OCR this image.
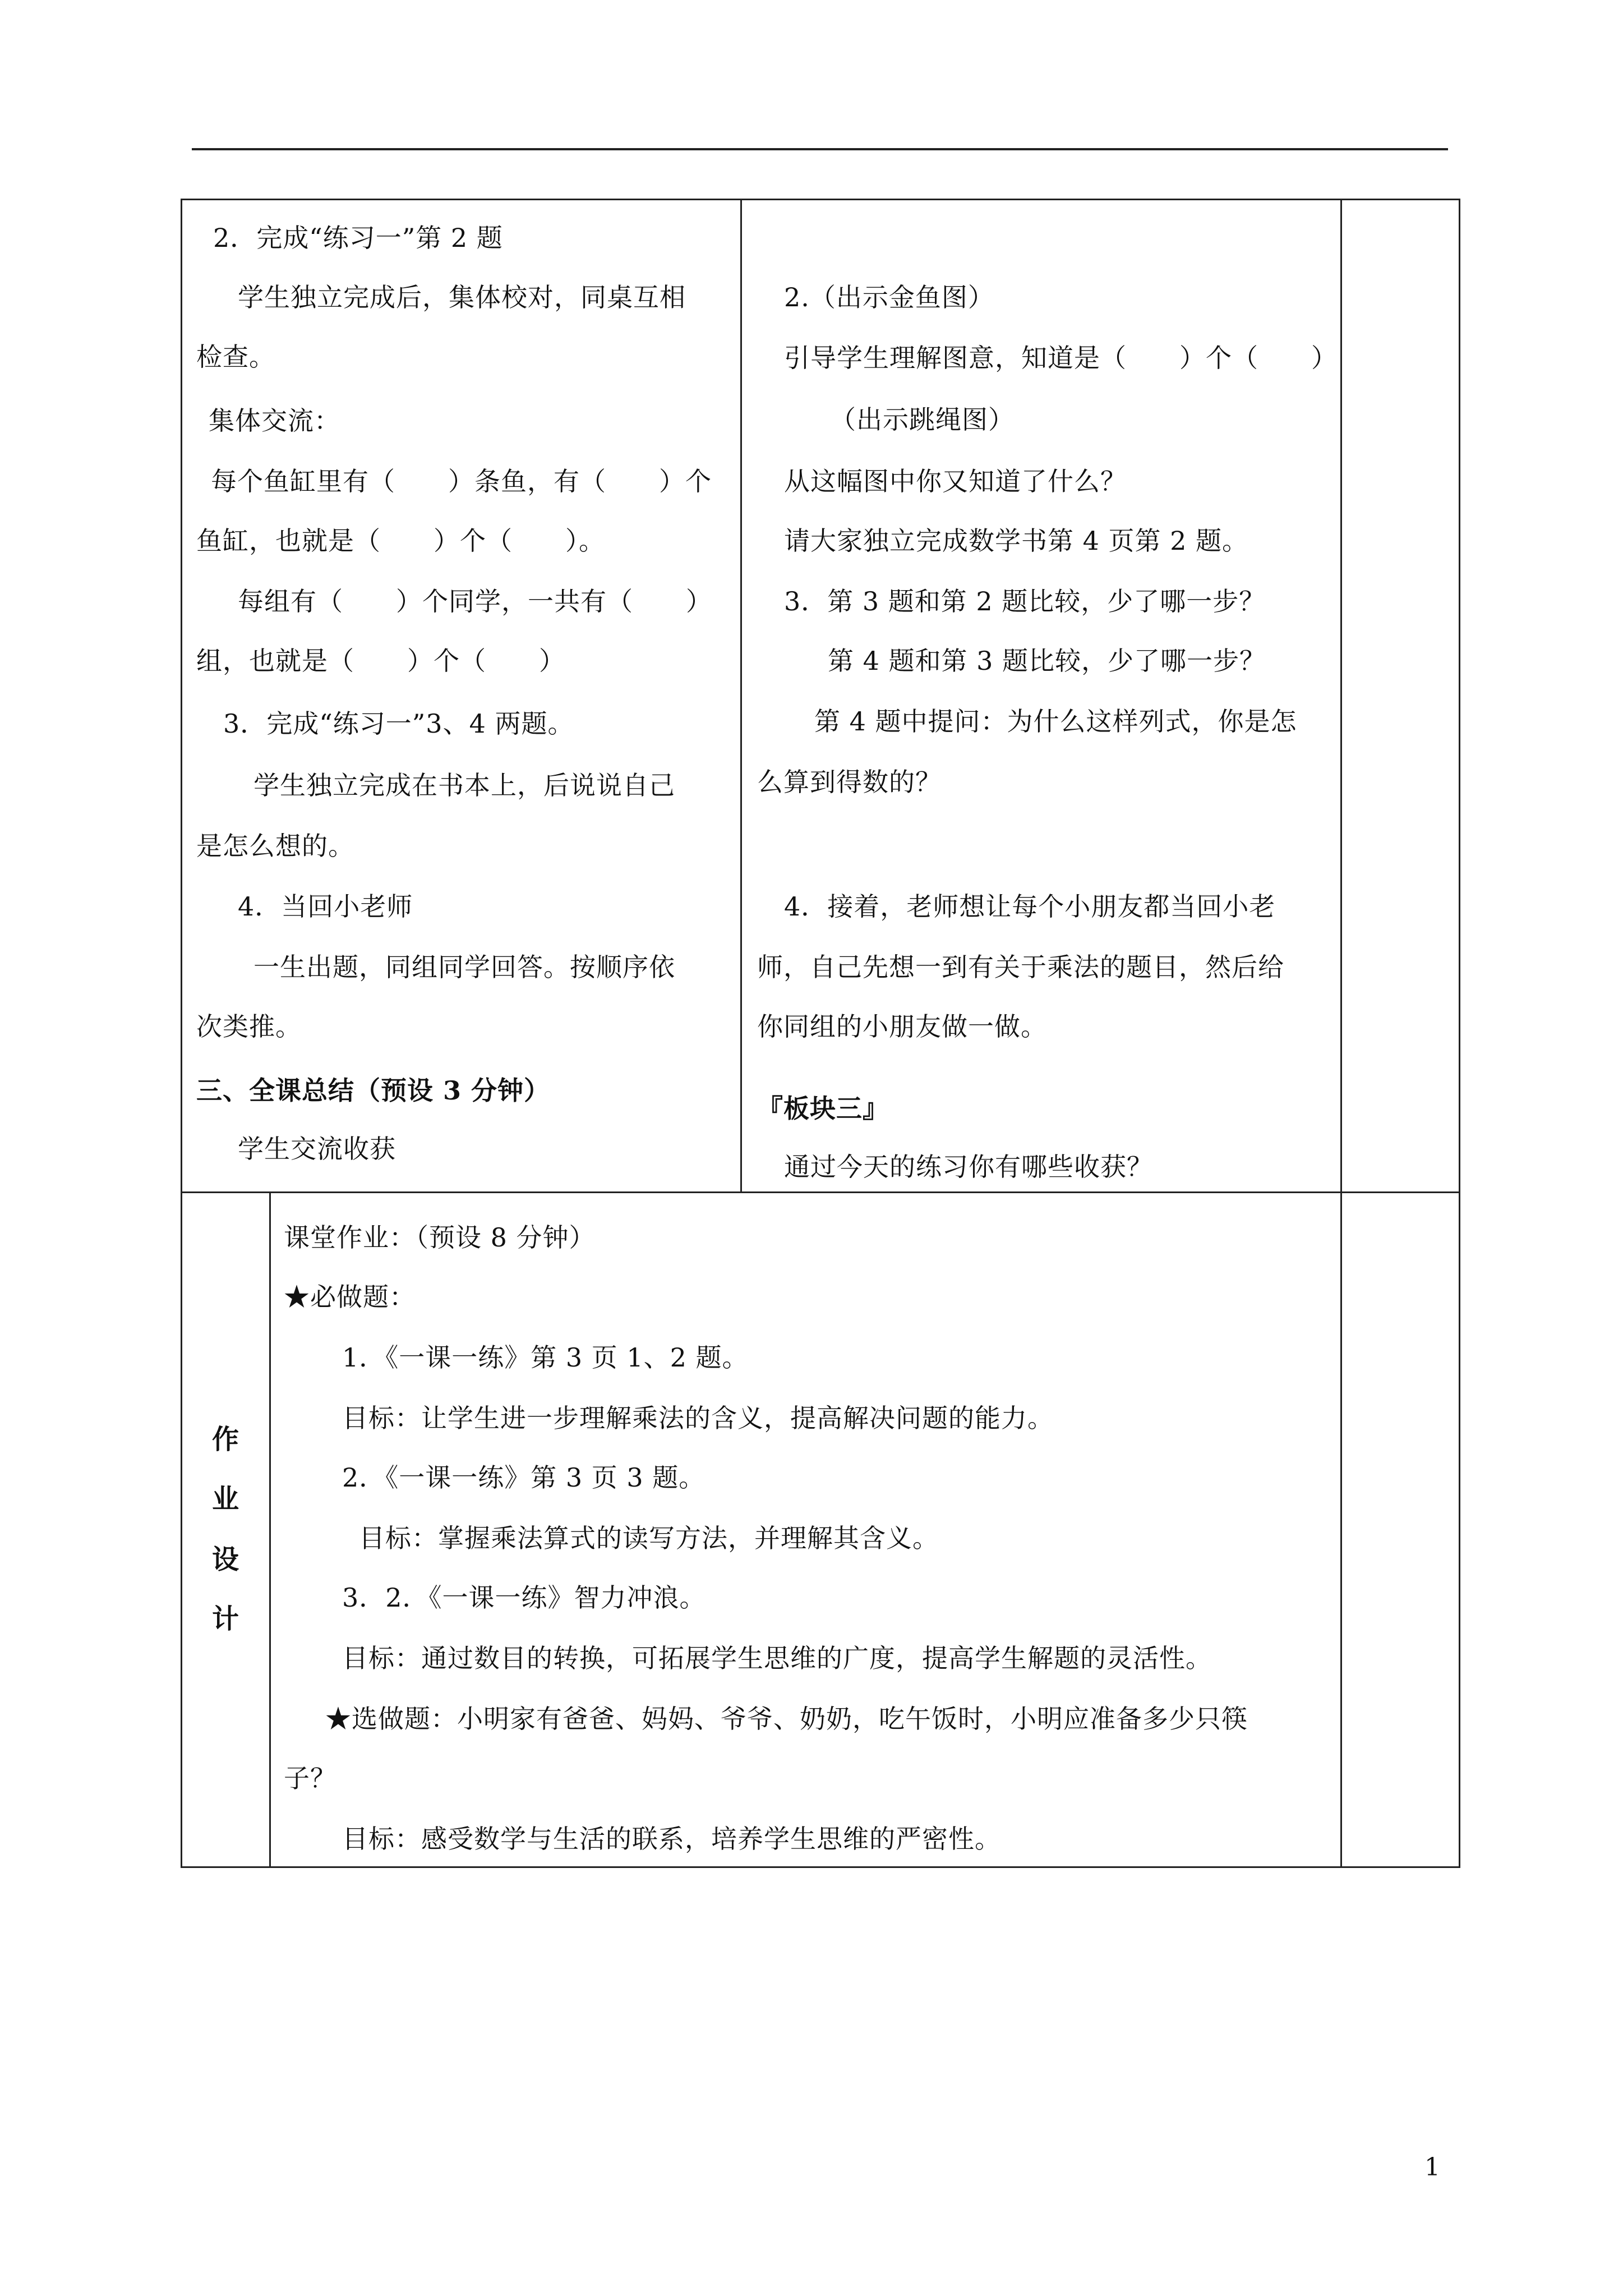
2．完成“练习一”第 2 题
学生独立完成后，集体校对，同桌互相
检查。
集体交流：
每个鱼缸里有（　　）条鱼，有（　　）个
鱼缸，也就是（　　）个（　　）。
每组有（　　）个同学，一共有（　　）
组，也就是（　　）个（　　）
3．完成“练习一”3、4 两题。
学生独立完成在书本上，后说说自己
是怎么想的。
4．当回小老师
一生出题，同组同学回答。按顺序依
次类推。
三、全课总结（预设 3 分钟）
学生交流收获
2.（出示金鱼图）
引导学生理解图意，知道是（　　）个（　　）
（出示跳绳图）
从这幅图中你又知道了什么？
请大家独立完成数学书第 4 页第 2 题。
3．第 3 题和第 2 题比较，少了哪一步？
第 4 题和第 3 题比较，少了哪一步？
第 4 题中提问：为什么这样列式，你是怎
么算到得数的？
4．接着，老师想让每个小朋友都当回小老
师，自己先想一到有关于乘法的题目，然后给
你同组的小朋友做一做。
『板块三』
通过今天的练习你有哪些收获？
作
业
设
计
课堂作业：（预设 8 分钟）
★必做题：
1．《一课一练》第 3 页 1、2 题。
目标：让学生进一步理解乘法的含义，提高解决问题的能力。
2．《一课一练》第 3 页 3 题。
目标：掌握乘法算式的读写方法，并理解其含义。
3．2．《一课一练》智力冲浪。
目标：通过数目的转换，可拓展学生思维的广度，提高学生解题的灵活性。
★选做题：小明家有爸爸、妈妈、爷爷、奶奶，吃午饭时，小明应准备多少只筷
子？
目标：感受数学与生活的联系，培养学生思维的严密性。
1
